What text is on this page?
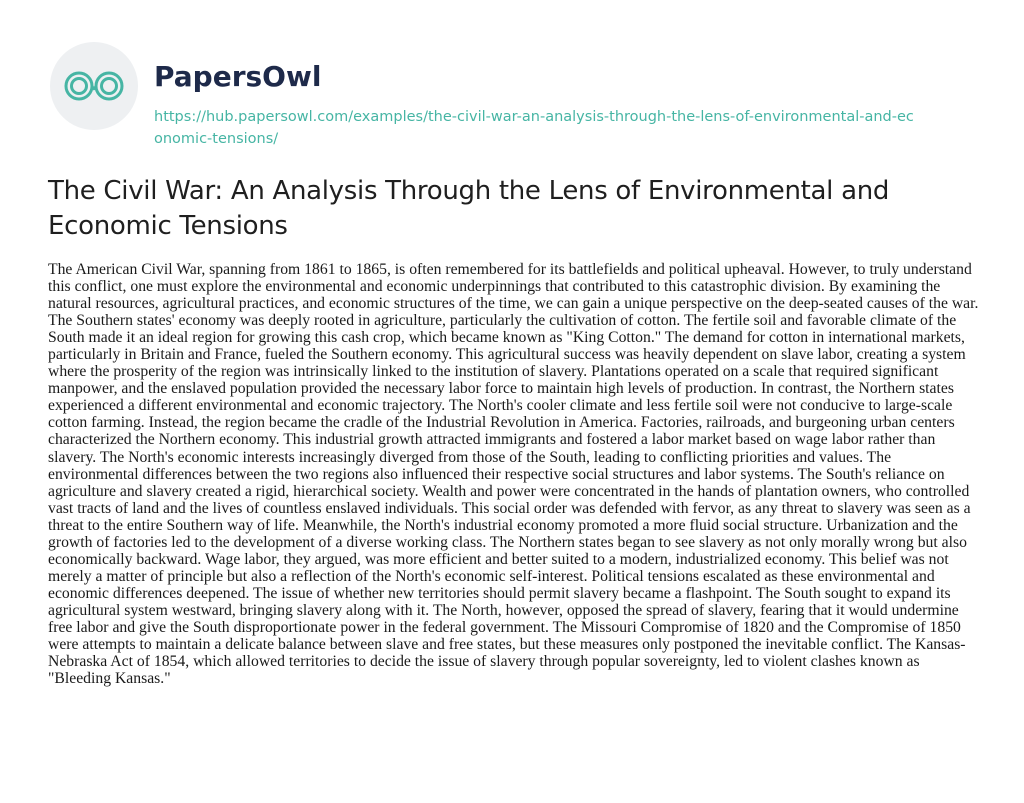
PapersOwl
https://hub.papersowl.com/examples/the-civil-war-an-analysis-through-the-lens-of-environmental-and-economic-tensions/
The Civil War: An Analysis Through the Lens of Environmental and Economic Tensions

The American Civil War, spanning from 1861 to 1865, is often remembered for its battlefields and political upheaval. However, to truly understand this conflict, one must explore the environmental and economic underpinnings that contributed to this catastrophic division. By examining the natural resources, agricultural practices, and economic structures of the time, we can gain a unique perspective on the deep-seated causes of the war. The Southern states' economy was deeply rooted in agriculture, particularly the cultivation of cotton. The fertile soil and favorable climate of the South made it an ideal region for growing this cash crop, which became known as "King Cotton." The demand for cotton in international markets, particularly in Britain and France, fueled the Southern economy. This agricultural success was heavily dependent on slave labor, creating a system where the prosperity of the region was intrinsically linked to the institution of slavery. Plantations operated on a scale that required significant manpower, and the enslaved population provided the necessary labor force to maintain high levels of production. In contrast, the Northern states experienced a different environmental and economic trajectory. The North's cooler climate and less fertile soil were not conducive to large-scale cotton farming. Instead, the region became the cradle of the Industrial Revolution in America. Factories, railroads, and burgeoning urban centers characterized the Northern economy. This industrial growth attracted immigrants and fostered a labor market based on wage labor rather than slavery. The North's economic interests increasingly diverged from those of the South, leading to conflicting priorities and values. The environmental differences between the two regions also influenced their respective social structures and labor systems. The South's reliance on agriculture and slavery created a rigid, hierarchical society. Wealth and power were concentrated in the hands of plantation owners, who controlled vast tracts of land and the lives of countless enslaved individuals. This social order was defended with fervor, as any threat to slavery was seen as a threat to the entire Southern way of life. Meanwhile, the North's industrial economy promoted a more fluid social structure. Urbanization and the growth of factories led to the development of a diverse working class. The Northern states began to see slavery as not only morally wrong but also economically backward. Wage labor, they argued, was more efficient and better suited to a modern, industrialized economy. This belief was not merely a matter of principle but also a reflection of the North's economic self-interest. Political tensions escalated as these environmental and economic differences deepened. The issue of whether new territories should permit slavery became a flashpoint. The South sought to expand its agricultural system westward, bringing slavery along with it. The North, however, opposed the spread of slavery, fearing that it would undermine free labor and give the South disproportionate power in the federal government. The Missouri Compromise of 1820 and the Compromise of 1850 were attempts to maintain a delicate balance between slave and free states, but these measures only postponed the inevitable conflict. The Kansas-Nebraska Act of 1854, which allowed territories to decide the issue of slavery through popular sovereignty, led to violent clashes known as "Bleeding Kansas."
